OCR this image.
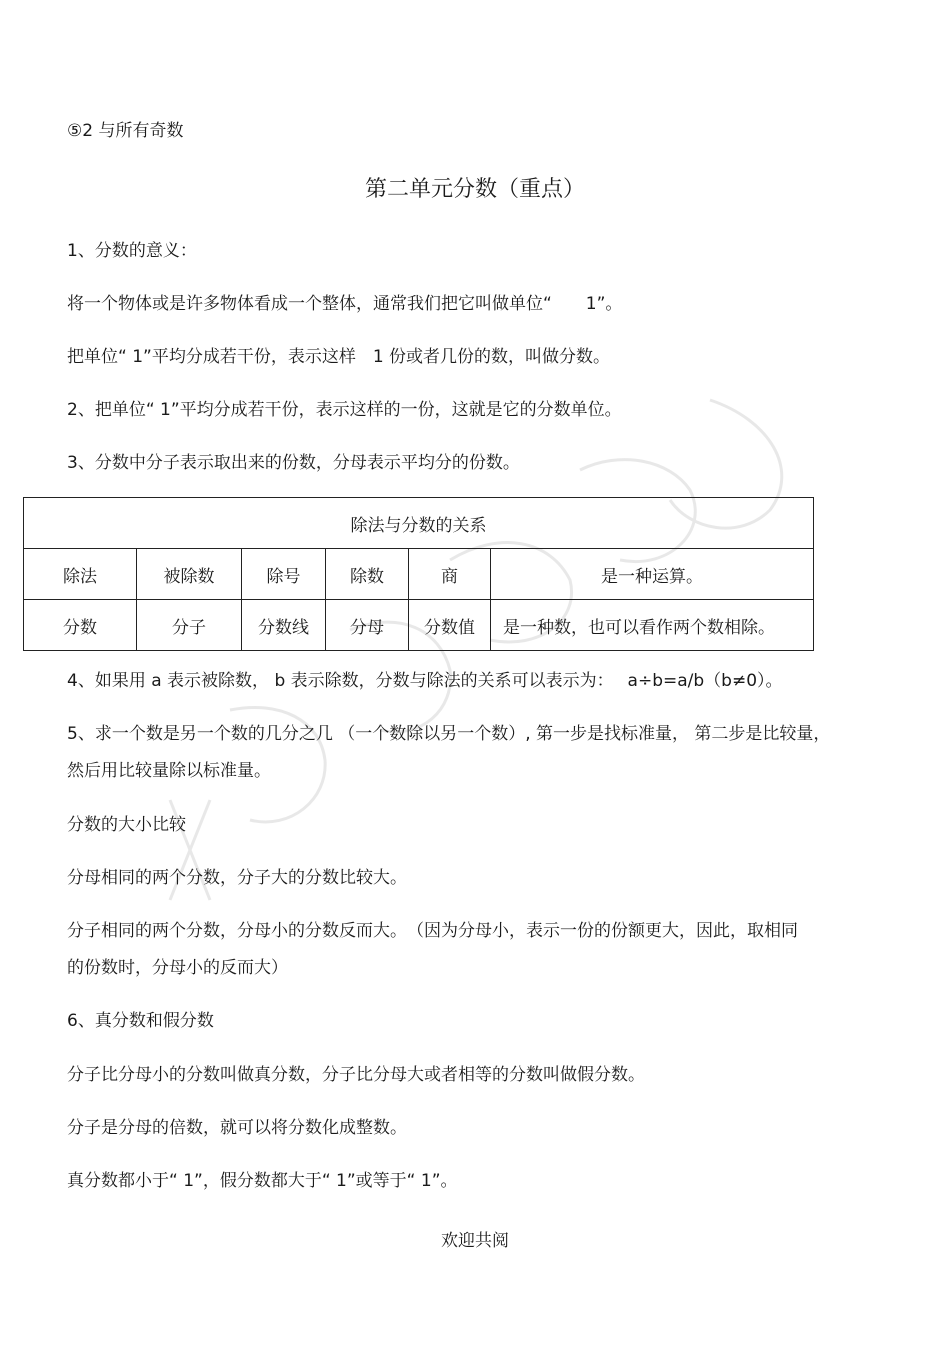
⑤2 与所有奇数
第二单元分数（重点）
1、分数的意义：
将一个物体或是许多物体看成一个整体，通常我们把它叫做单位“　　1”。
把单位“ 1”平均分成若干份，表示这样　1 份或者几份的数，叫做分数。
2、把单位“ 1”平均分成若干份，表示这样的一份，这就是它的分数单位。
3、分数中分子表示取出来的份数，分母表示平均分的份数。
除法与分数的关系					
除法	被除数	除号	除数	商	是一种运算。
分数	分子	分数线	分母	分数值	是一种数，也可以看作两个数相除。
4、如果用 a 表示被除数， b 表示除数，分数与除法的关系可以表示为：　 a÷b=a/b（b≠0）。
5、求一个数是另一个数的几分之几 （一个数除以另一个数）, 第一步是找标准量， 第二步是比较量，
然后用比较量除以标准量。
分数的大小比较
分母相同的两个分数，分子大的分数比较大。
分子相同的两个分数，分母小的分数反而大。　（因为分母小，表示一份的份额更大，因此，取相同
的份数时，分母小的反而大）
6、真分数和假分数
分子比分母小的分数叫做真分数，分子比分母大或者相等的分数叫做假分数。
分子是分母的倍数，就可以将分数化成整数。
真分数都小于“ 1”，假分数都大于“ 1”或等于“ 1”。
欢迎共阅
